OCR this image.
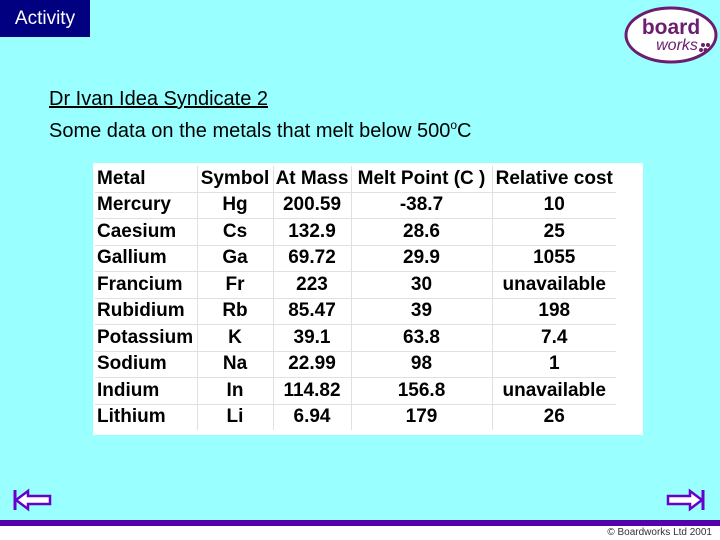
Activity	board
works
Dr Ivan Idea Syndicate 2
Some data on the metals that melt below 500$^o$C
Metal	Symbol	At Mass	Melt Point (C )	Relative cost
Mercury	Hg	200.59	-38.7	10
Caesium	Cs	132.9	28.6	25
Gallium	Ga	69.72	29.9	1055
Francium	Fr	223	30	unavailable
Rubidium	Rb	85.47	39	198
Potassium	K	39.1	63.8	7.4
Sodium	Na	22.99	98	1
Indium	In	114.82	156.8	unavailable
Lithium	Li	6.94	179	26
© Boardworks Ltd 2001
